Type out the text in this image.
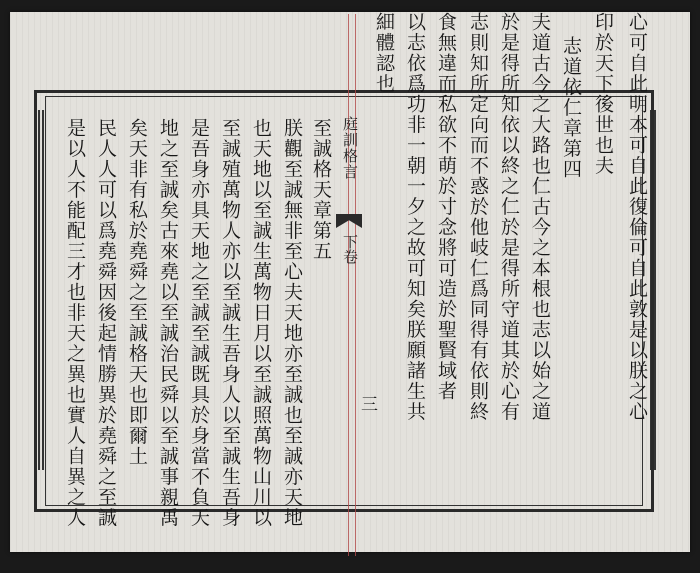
庭訓格言
下卷
三	心可自此明本可自此復倫可自此敦是以朕之心
印於天下後世也夫
志道依仁章第四
夫道古今之大路也仁古今之本根也志以始之道
於是得所知依以終之仁於是得所守道其於心有
志則知所定向而不惑於他岐仁爲同得有依則終
食無違而私欲不萌於寸念將可造於聖賢域者
以志依爲功非一朝一夕之故可知矣朕願諸生共
細體認也
至誠格天章第五
朕觀至誠無非至心夫天地亦至誠也至誠亦天地
也天地以至誠生萬物日月以至誠照萬物山川以
至誠殖萬物人亦以至誠生吾身人以至誠生吾身
是吾身亦具天地之至誠至誠既具於身當不負天
地之至誠矣古來堯以至誠治民舜以至誠事親禹
矣天非有私於堯舜之至誠格天也即爾土
民人人可以爲堯舜因後起情勝異於堯舜之至誠
是以人不能配三才也非天之異也實人自異之人
